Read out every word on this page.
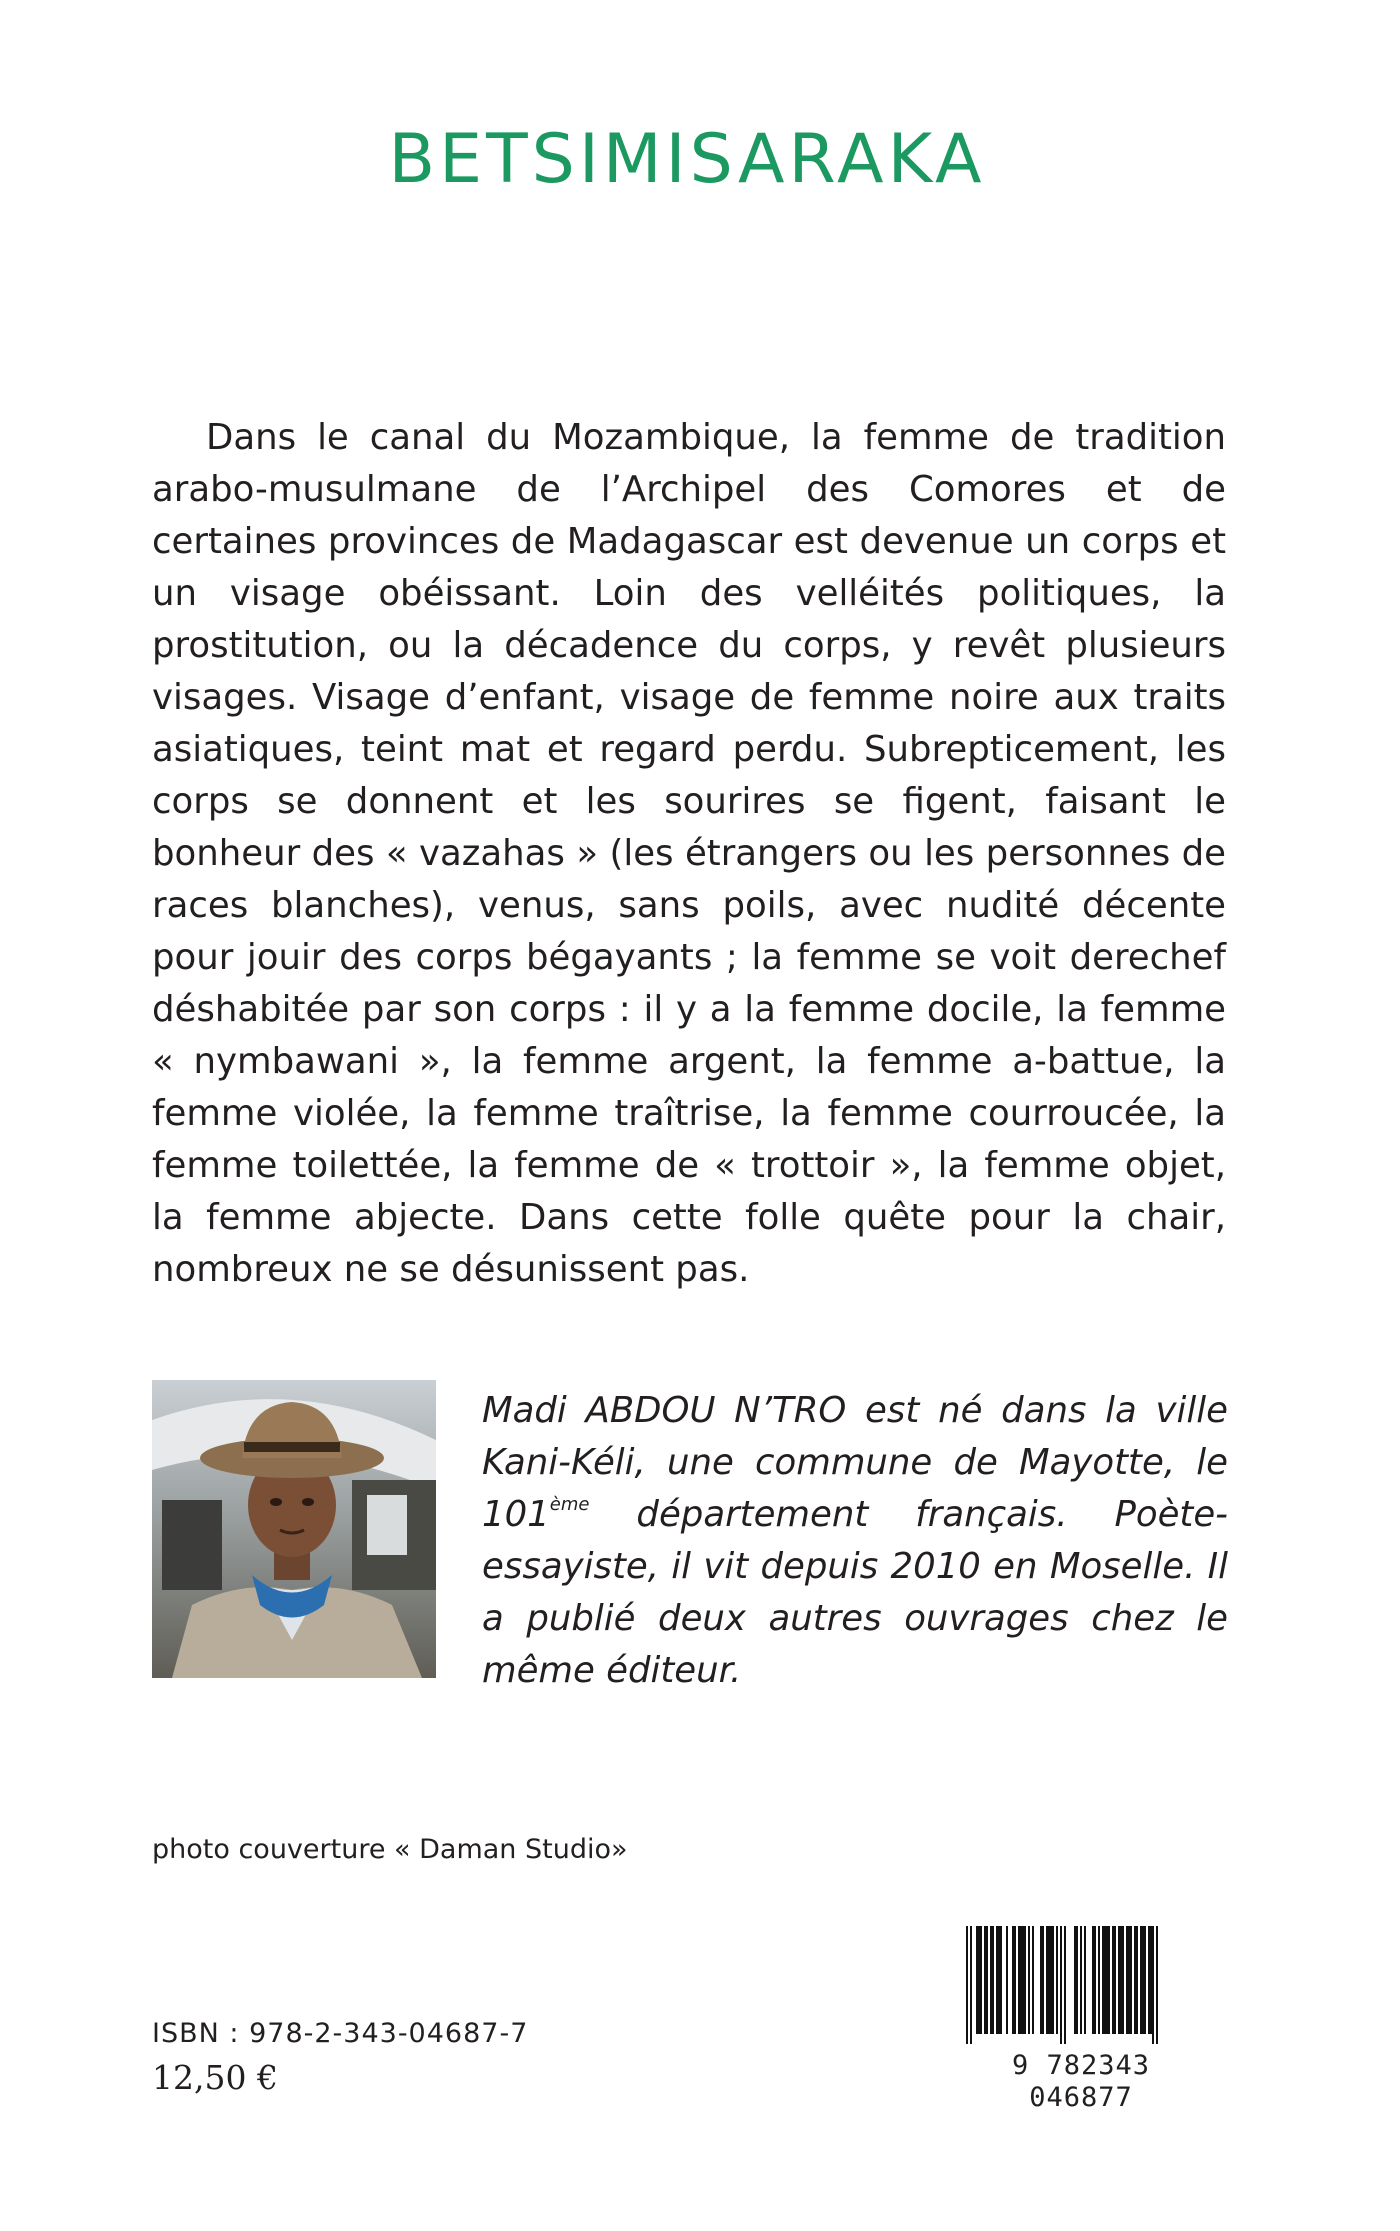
BETSIMISARAKA

Dans le canal du Mozambique, la femme de tradition arabo-musulmane de l’Archipel des Comores et de certaines provinces de Madagascar est devenue un corps et un visage obéissant. Loin des velléités politiques, la prostitution, ou la décadence du corps, y revêt plusieurs visages. Visage d’enfant, visage de femme noire aux traits asiatiques, teint mat et regard perdu. Subrepticement, les corps se donnent et les sourires se figent, faisant le bonheur des « vazahas » (les étrangers ou les personnes de races blanches), venus, sans poils, avec nudité décente pour jouir des corps bégayants ; la femme se voit derechef déshabitée par son corps : il y a la femme docile, la femme « nymbawani », la femme argent, la femme a-battue, la femme violée, la femme traîtrise, la femme courroucée, la femme toilettée, la femme de « trottoir », la femme objet, la femme abjecte. Dans cette folle quête pour la chair, nombreux ne se désunissent pas.

Madi ABDOU N’TRO est né dans la ville Kani-Kéli, une commune de Mayotte, le 101ème département français. Poète-essayiste, il vit depuis 2010 en Moselle. Il a publié deux autres ouvrages chez le même éditeur.
photo couverture « Daman Studio»
ISBN : 978-2-343-04687-7
12,50 €	9 782343 046877
